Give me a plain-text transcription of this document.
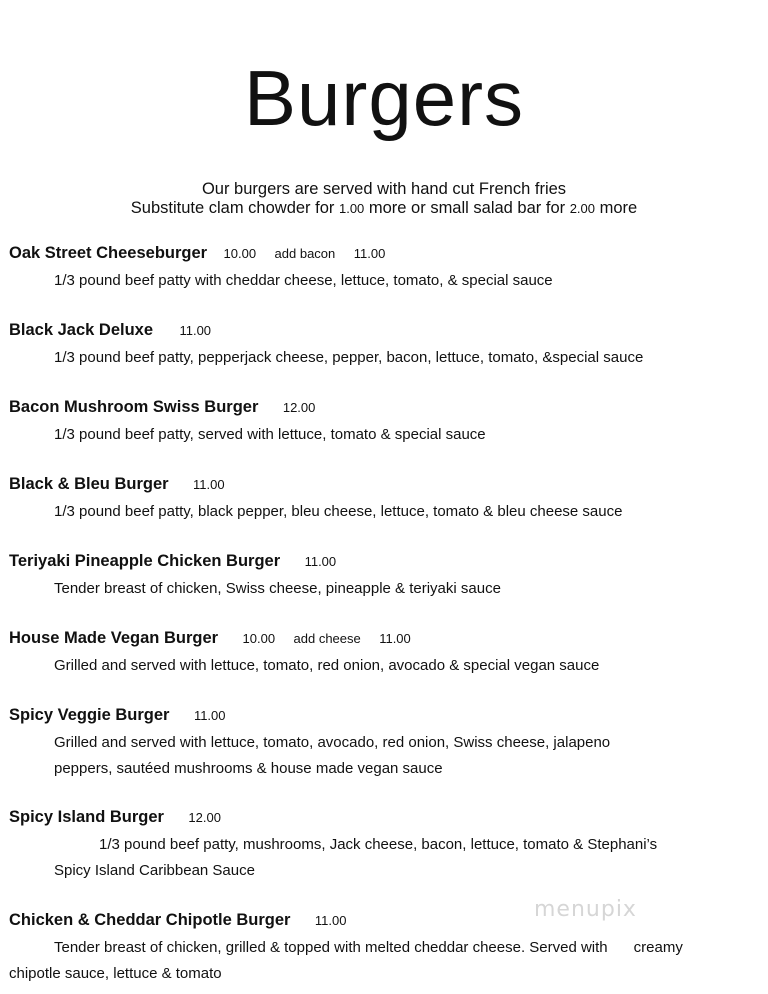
Burgers
Our burgers are served with hand cut French fries
Substitute clam chowder for 1.00 more or small salad bar for 2.00 more
Oak Street Cheeseburger 10.00 add bacon 11.00
1/3 pound beef patty with cheddar cheese, lettuce, tomato, & special sauce
Black Jack Deluxe 11.00
1/3 pound beef patty, pepperjack cheese, pepper, bacon, lettuce, tomato, &special sauce
Bacon Mushroom Swiss Burger 12.00
1/3 pound beef patty, served with lettuce, tomato & special sauce
Black & Bleu Burger 11.00
1/3 pound beef patty, black pepper, bleu cheese, lettuce, tomato & bleu cheese sauce
Teriyaki Pineapple Chicken Burger 11.00
Tender breast of chicken, Swiss cheese, pineapple & teriyaki sauce
House Made Vegan Burger 10.00 add cheese 11.00
Grilled and served with lettuce, tomato, red onion, avocado & special vegan sauce
Spicy Veggie Burger 11.00
Grilled and served with lettuce, tomato, avocado, red onion, Swiss cheese, jalapeno
peppers, sautéed mushrooms & house made vegan sauce
Spicy Island Burger 12.00
1/3 pound beef patty, mushrooms, Jack cheese, bacon, lettuce, tomato & Stephani’s
Spicy Island Caribbean Sauce
Chicken & Cheddar Chipotle Burger 11.00
Tender breast of chicken, grilled & topped with melted cheddar cheese. Served with creamy
chipotle sauce, lettuce & tomato
menupix
